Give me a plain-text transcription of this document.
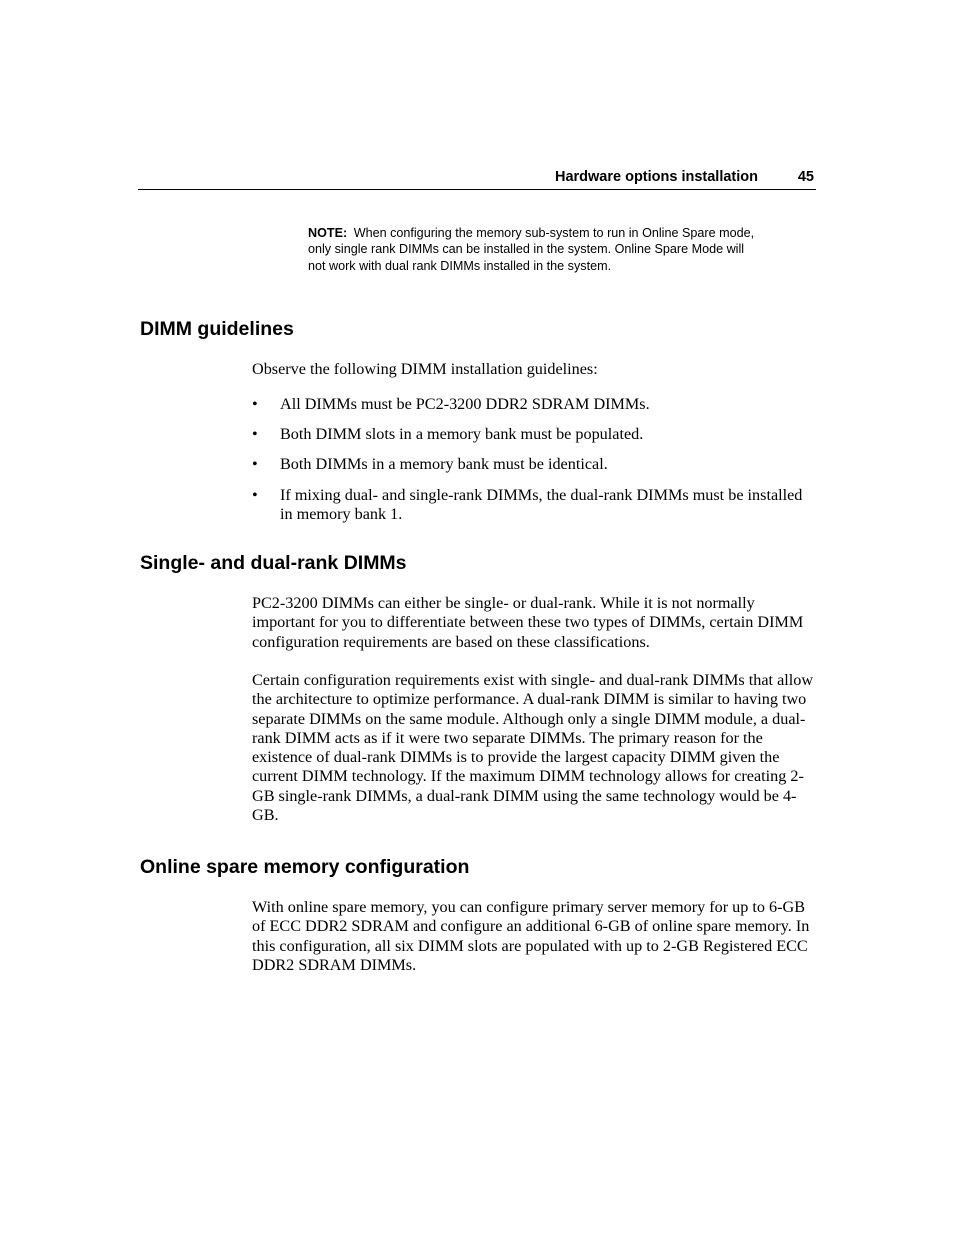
Hardware options installation	45
NOTE: When configuring the memory sub-system to run in Online Spare mode, only single rank DIMMs can be installed in the system. Online Spare Mode will not work with dual rank DIMMs installed in the system.
DIMM guidelines

Observe the following DIMM installation guidelines:

• All DIMMs must be PC2-3200 DDR2 SDRAM DIMMs.
• Both DIMM slots in a memory bank must be populated.
• Both DIMMs in a memory bank must be identical.
• If mixing dual- and single-rank DIMMs, the dual-rank DIMMs must be installed in memory bank 1.
Single- and dual-rank DIMMs

PC2-3200 DIMMs can either be single- or dual-rank. While it is not normally important for you to differentiate between these two types of DIMMs, certain DIMM configuration requirements are based on these classifications.

Certain configuration requirements exist with single- and dual-rank DIMMs that allow the architecture to optimize performance. A dual-rank DIMM is similar to having two separate DIMMs on the same module. Although only a single DIMM module, a dual-rank DIMM acts as if it were two separate DIMMs. The primary reason for the existence of dual-rank DIMMs is to provide the largest capacity DIMM given the current DIMM technology. If the maximum DIMM technology allows for creating 2-GB single-rank DIMMs, a dual-rank DIMM using the same technology would be 4-GB.

Online spare memory configuration

With online spare memory, you can configure primary server memory for up to 6-GB of ECC DDR2 SDRAM and configure an additional 6-GB of online spare memory. In this configuration, all six DIMM slots are populated with up to 2-GB Registered ECC DDR2 SDRAM DIMMs.
